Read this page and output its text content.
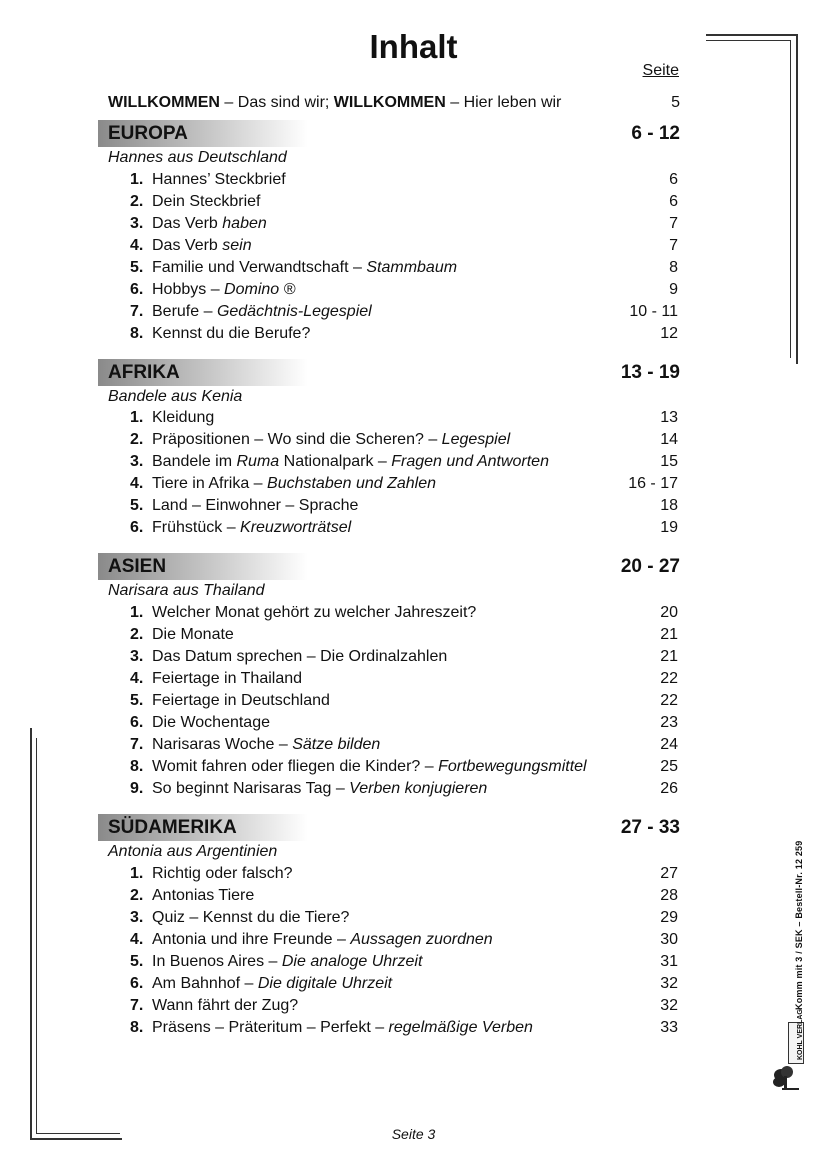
Inhalt
Seite
WILLKOMMEN – Das sind wir; WILLKOMMEN – Hier leben wir	5
EUROPA	6 - 12
Hannes aus Deutschland
1. Hannes’ Steckbrief	6
2. Dein Steckbrief	6
3. Das Verb haben	7
4. Das Verb sein	7
5. Familie und Verwandtschaft – Stammbaum	8
6. Hobbys – Domino ®	9
7. Berufe – Gedächtnis-Legespiel	10 - 11
8. Kennst du die Berufe?	12
AFRIKA	13 - 19
Bandele aus Kenia
1. Kleidung	13
2. Präpositionen – Wo sind die Scheren? – Legespiel	14
3. Bandele im Ruma Nationalpark – Fragen und Antworten	15
4. Tiere in Afrika – Buchstaben und Zahlen	16 - 17
5. Land – Einwohner – Sprache	18
6. Frühstück – Kreuzworträtsel	19
ASIEN	20 - 27
Narisara aus Thailand
1. Welcher Monat gehört zu welcher Jahreszeit?	20
2. Die Monate	21
3. Das Datum sprechen – Die Ordinalzahlen	21
4. Feiertage in Thailand	22
5. Feiertage in Deutschland	22
6. Die Wochentage	23
7. Narisaras Woche – Sätze bilden	24
8. Womit fahren oder fliegen die Kinder? – Fortbewegungsmittel	25
9. So beginnt Narisaras Tag – Verben konjugieren	26
SÜDAMERIKA	27 - 33
Antonia aus Argentinien
1. Richtig oder falsch?	27
2. Antonias Tiere	28
3. Quiz – Kennst du die Tiere?	29
4. Antonia und ihre Freunde – Aussagen zuordnen	30
5. In Buenos Aires – Die analoge Uhrzeit	31
6. Am Bahnhof – Die digitale Uhrzeit	32
7. Wann fährt der Zug?	32
8. Präsens – Präteritum – Perfekt – regelmäßige Verben	33
Komm mit 3 / SEK – Bestell-Nr. 12 259
KOHL VERLAG
Seite 3
